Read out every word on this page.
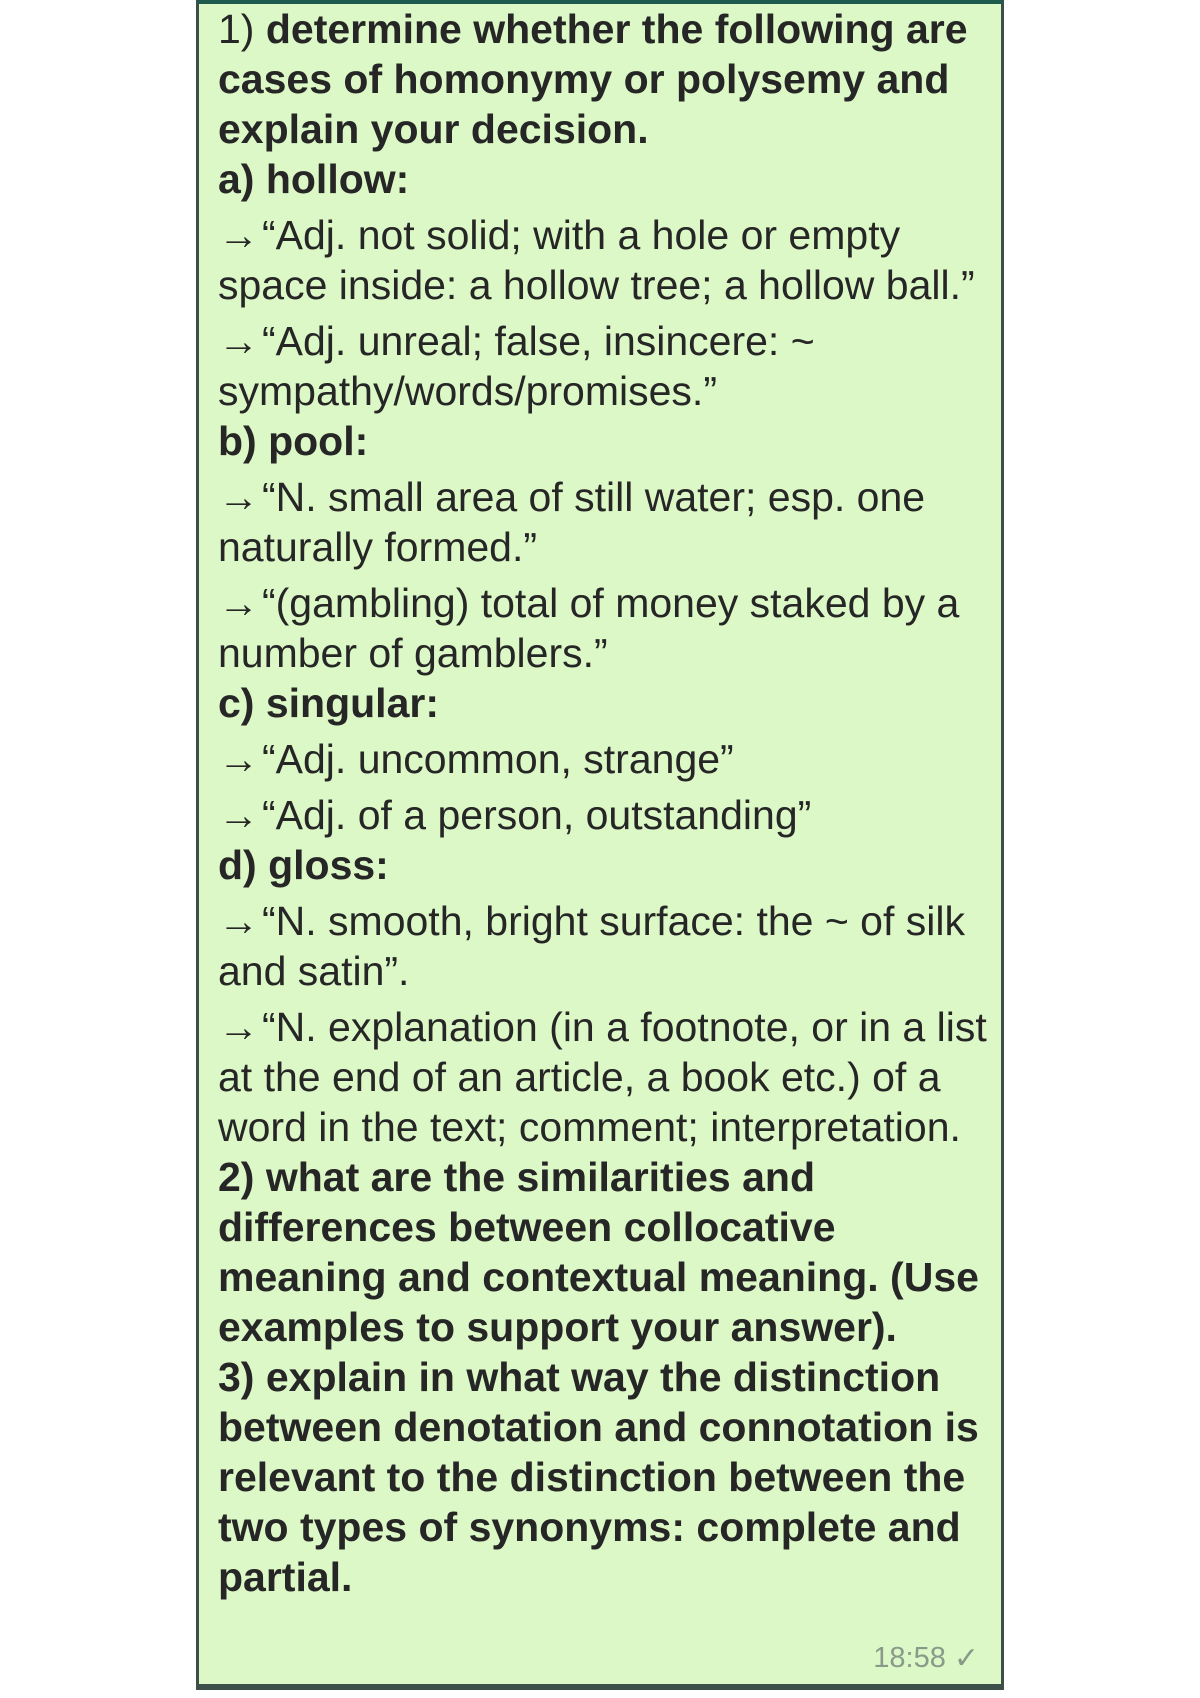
1) determine whether the following are cases of homonymy or polysemy and explain your decision.

a) hollow:

→“Adj. not solid; with a hole or empty space inside: a hollow tree; a hollow ball.”

→“Adj. unreal; false, insincere: ~ sympathy/words/promises.”

b) pool:

→“N. small area of still water; esp. one naturally formed.”

→“(gambling) total of money staked by a number of gamblers.”

c) singular:

→“Adj. uncommon, strange”

→“Adj. of a person, outstanding”

d) gloss:

→“N. smooth, bright surface: the ~ of silk and satin”.

→“N. explanation (in a footnote, or in a list at the end of an article, a book etc.) of a word in the text; comment; interpretation.

2) what are the similarities and differences between collocative meaning and contextual meaning. (Use examples to support your answer).

3) explain in what way the distinction between denotation and connotation is relevant to the distinction between the two types of synonyms: complete and partial.

18:58 ✓
